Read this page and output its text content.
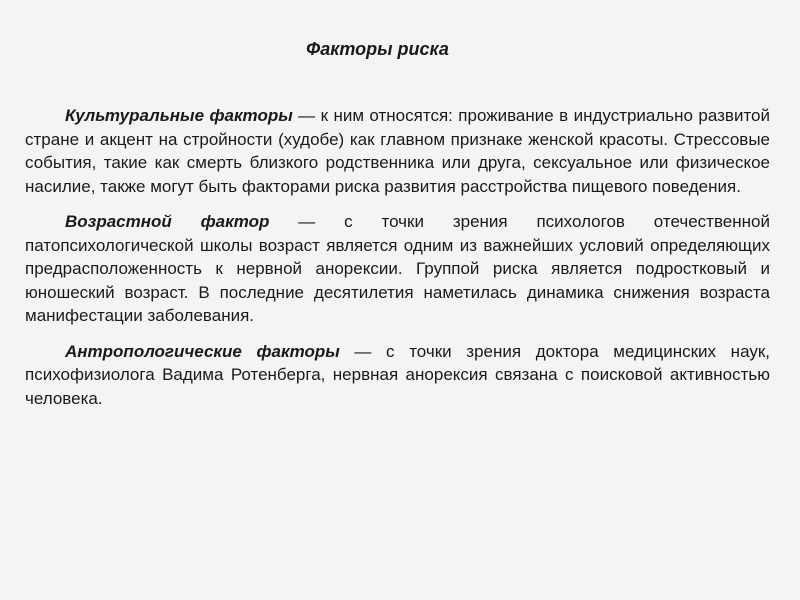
Факторы риска

Культуральные факторы — к ним относятся: проживание в индустриально развитой стране и акцент на стройности (худобе) как главном признаке женской красоты. Стрессовые события, такие как смерть близкого родственника или друга, сексуальное или физическое насилие, также могут быть факторами риска развития расстройства пищевого поведения.

Возрастной фактор — с точки зрения психологов отечественной патопсихологической школы возраст является одним из важнейших условий определяющих предрасположенность к нервной анорексии. Группой риска является подростковый и юношеский возраст. В последние десятилетия наметилась динамика снижения возраста манифестации заболевания.

Антропологические факторы — с точки зрения доктора медицинских наук, психофизиолога Вадима Ротенберга, нервная анорексия связана с поисковой активностью человека.
